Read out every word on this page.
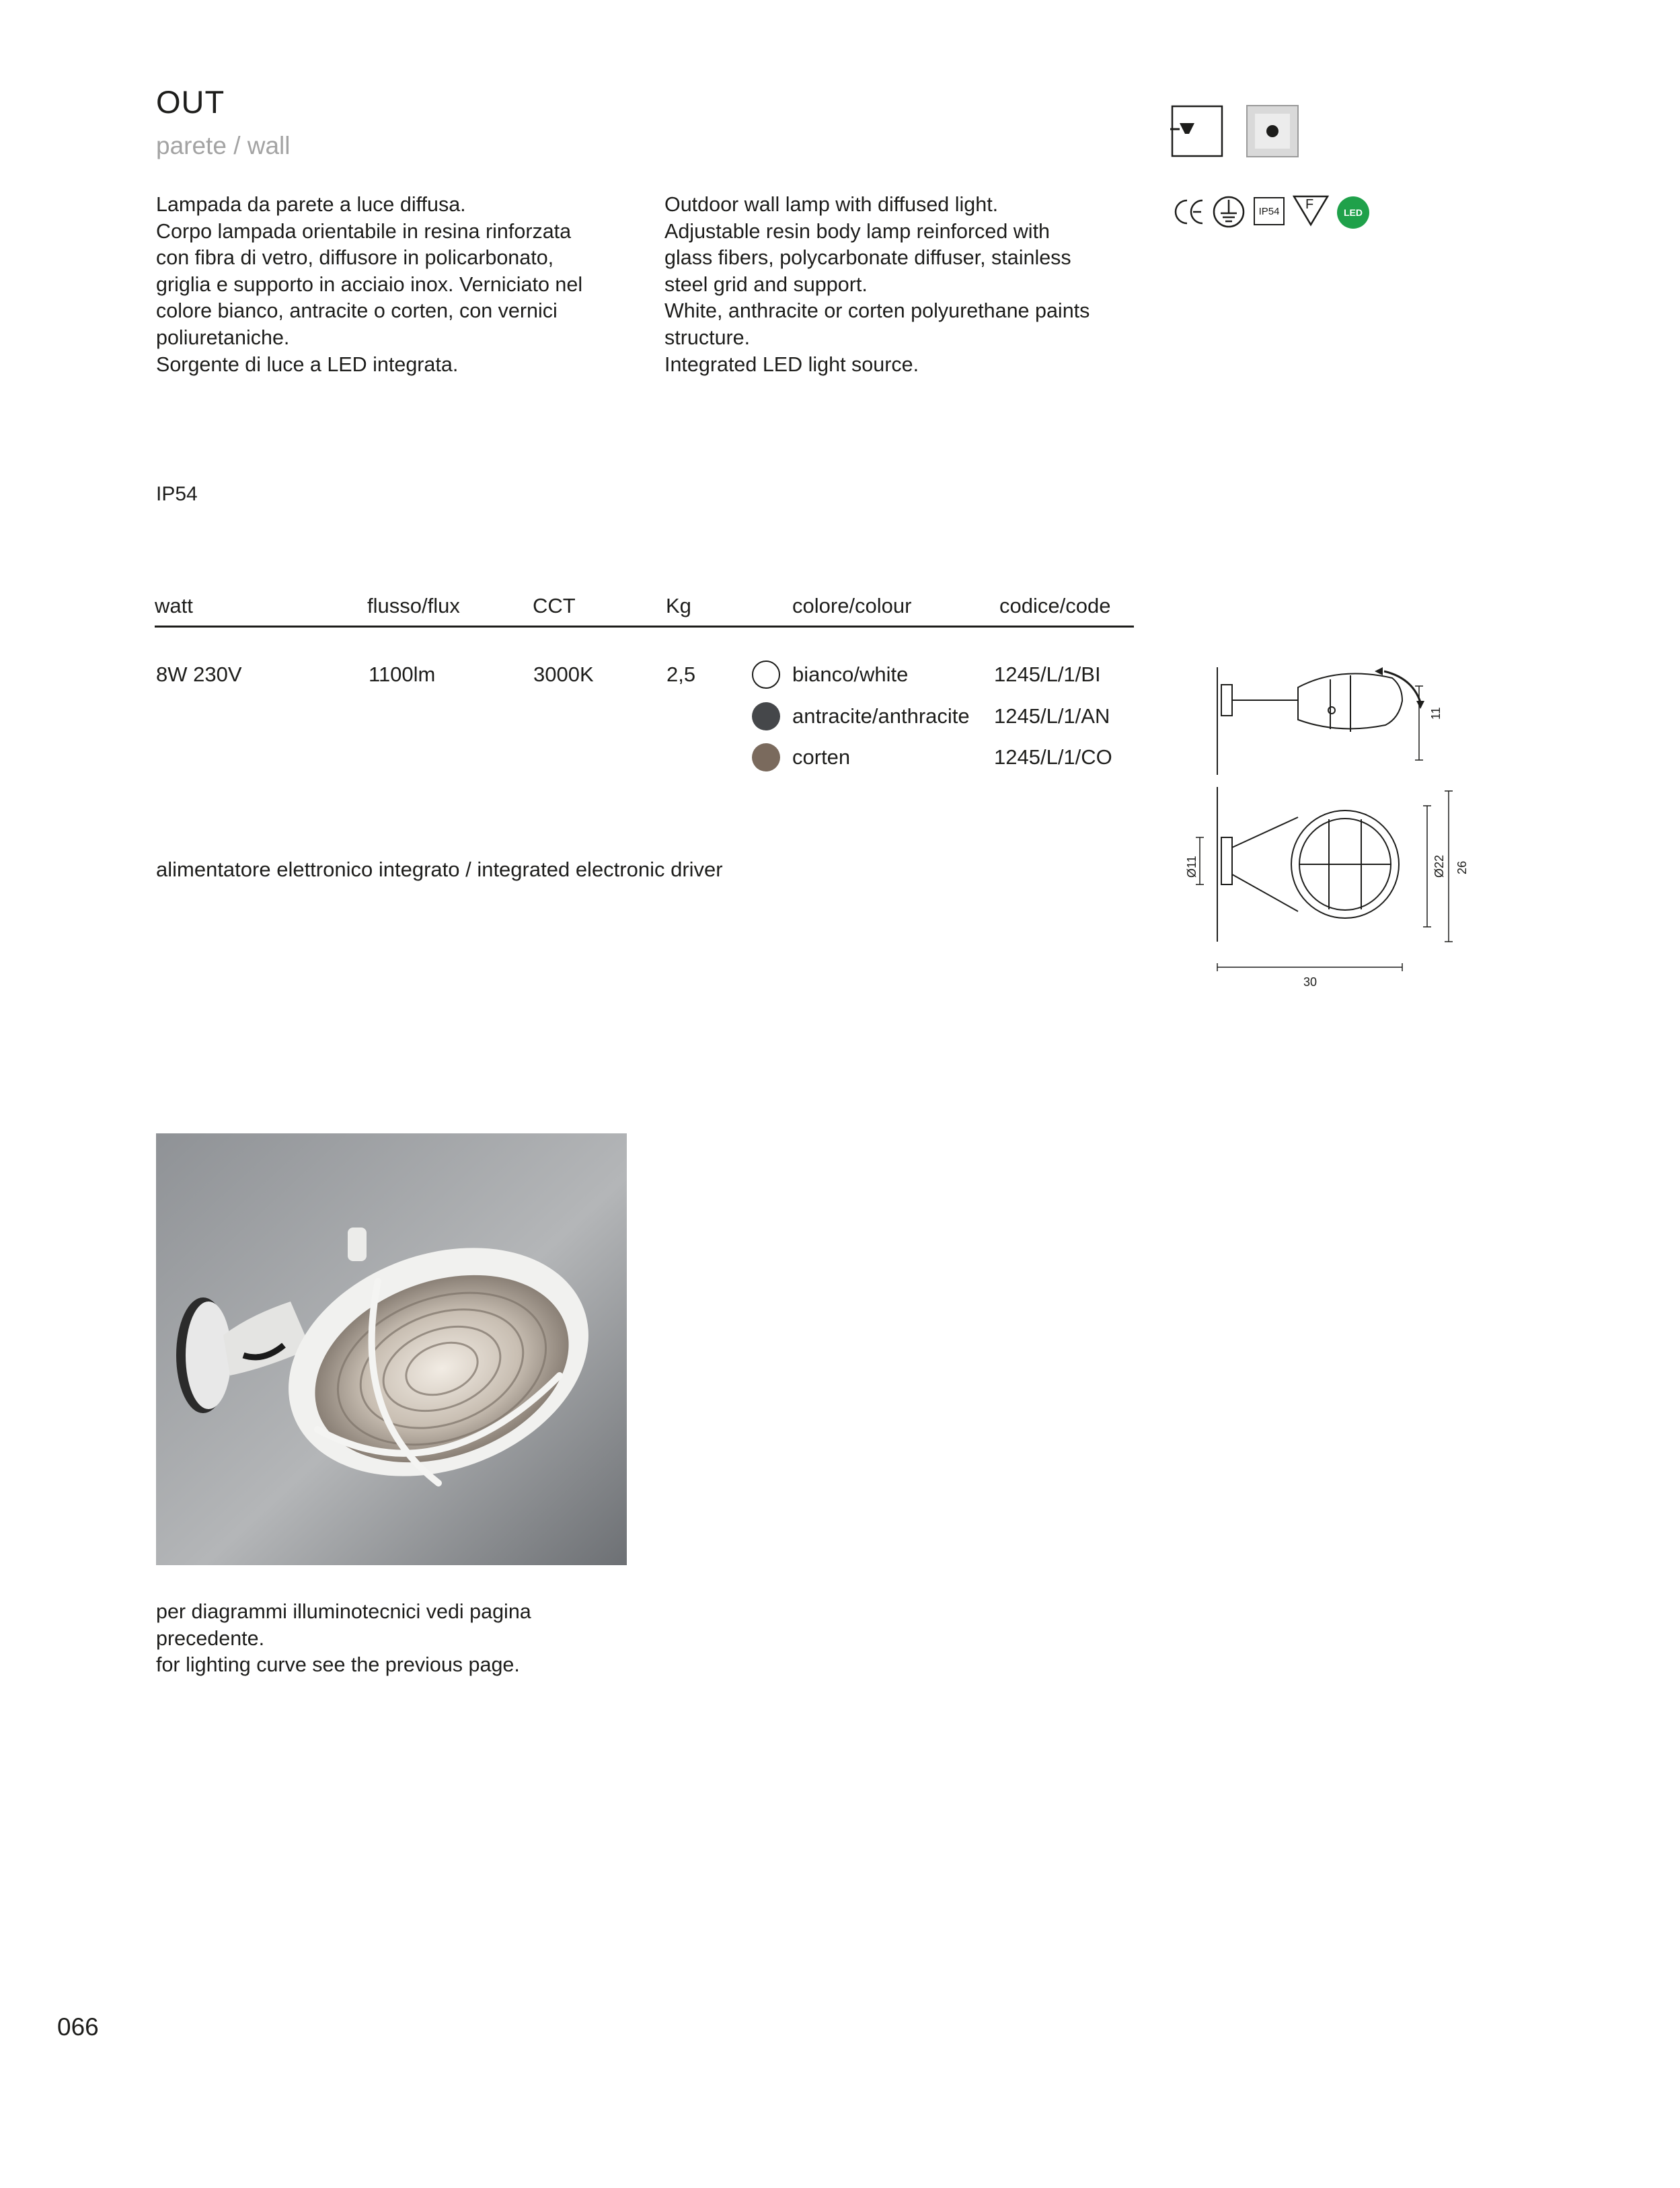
OUT
parete / wall
IP54	F
LED
Lampada da parete a luce diffusa.
Corpo lampada orientabile in resina rinforzata
con fibra di vetro, diffusore in policarbonato,
griglia e supporto in acciaio inox. Verniciato nel
colore bianco, antracite o corten, con vernici
poliuretaniche.
Sorgente di luce a LED integrata.
Outdoor wall lamp with diffused light.
Adjustable resin body lamp reinforced with
glass fibers, polycarbonate diffuser, stainless
steel grid and support.
White, anthracite or corten polyurethane paints
structure.
Integrated LED light source.
IP54
watt	flusso/flux	CCT	Kg	colore/colour	codice/code
8W 230V	1100lm	3000K	2,5	bianco/white	1245/L/1/BI
antracite/anthracite 1245/L/1/AN
corten	1245/L/1/CO
alimentatore elettronico integrato / integrated electronic driver
11
Ø11	Ø22 26
30
per diagrammi illuminotecnici vedi pagina
precedente.
for lighting curve see the previous page.
066
